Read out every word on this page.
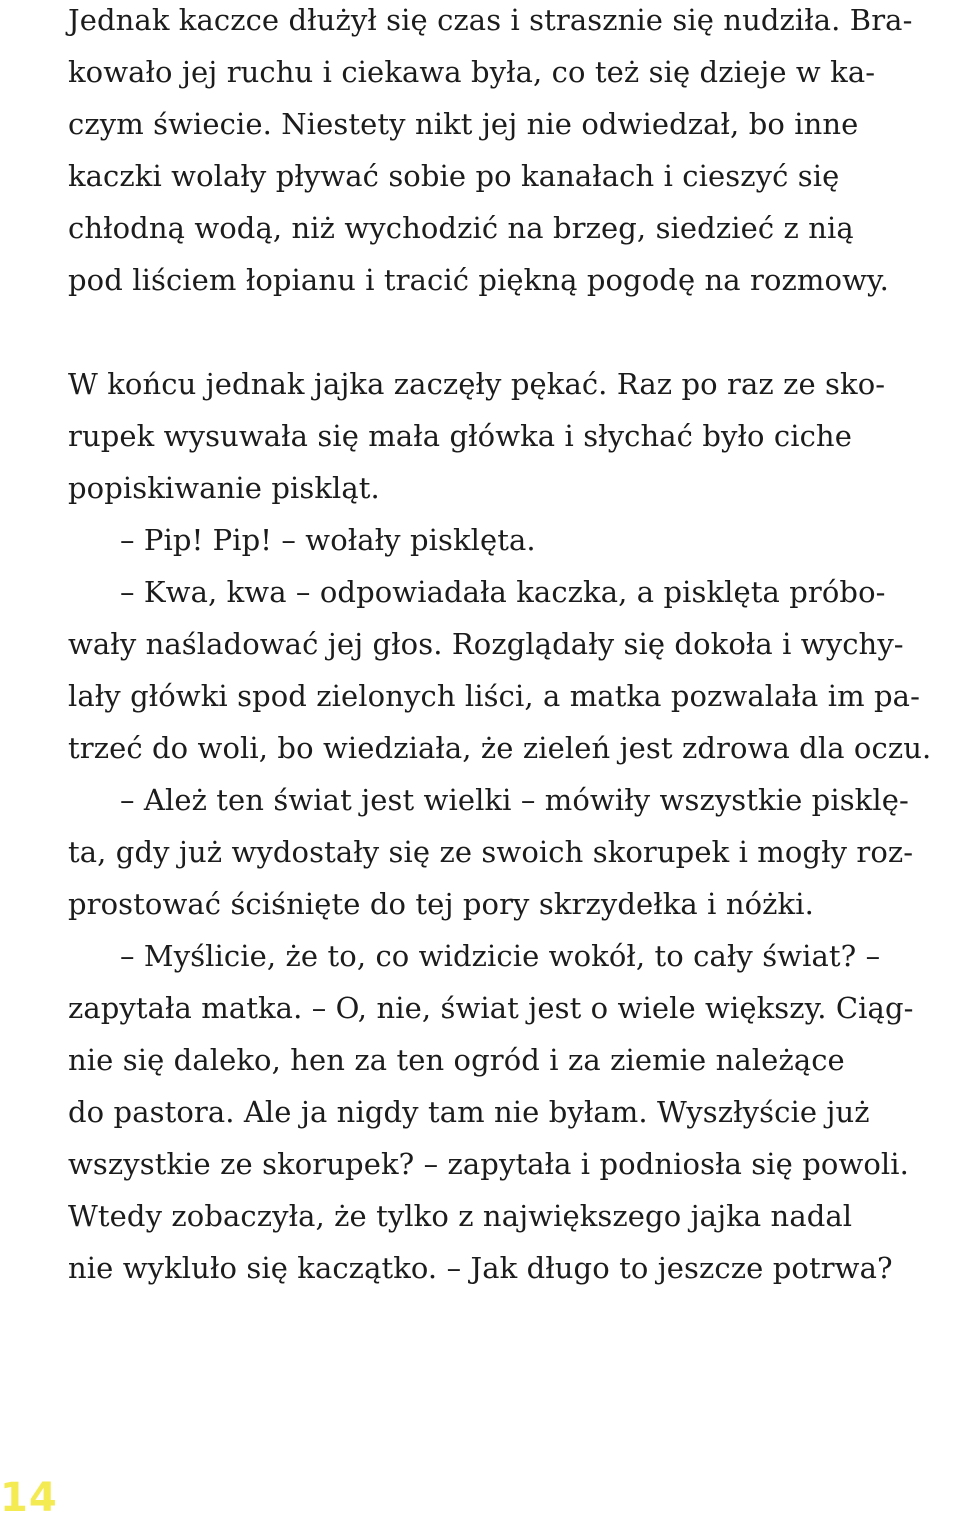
Jednak kaczce dłużył się czas i strasznie się nudziła. Bra-
kowało jej ruchu i ciekawa była, co też się dzieje w ka-
czym świecie. Niestety nikt jej nie odwiedzał, bo inne
kaczki wolały pływać sobie po kanałach i cieszyć się
chłodną wodą, niż wychodzić na brzeg, siedzieć z nią
pod liściem łopianu i tracić piękną pogodę na rozmowy.
W końcu jednak jajka zaczęły pękać. Raz po raz ze sko-
rupek wysuwała się mała główka i słychać było ciche
popiskiwanie piskląt.
– Pip! Pip! – wołały pisklęta.
– Kwa, kwa – odpowiadała kaczka, a pisklęta próbo-
wały naśladować jej głos. Rozglądały się dokoła i wychy-
lały główki spod zielonych liści, a matka pozwalała im pa-
trzeć do woli, bo wiedziała, że zieleń jest zdrowa dla oczu.
– Ależ ten świat jest wielki – mówiły wszystkie pisklę-
ta, gdy już wydostały się ze swoich skorupek i mogły roz-
prostować ściśnięte do tej pory skrzydełka i nóżki.
– Myślicie, że to, co widzicie wokół, to cały świat? –
zapytała matka. – O, nie, świat jest o wiele większy. Ciąg-
nie się daleko, hen za ten ogród i za ziemie należące
do pastora. Ale ja nigdy tam nie byłam. Wyszłyście już
wszystkie ze skorupek? – zapytała i podniosła się powoli.
Wtedy zobaczyła, że tylko z największego jajka nadal
nie wykluło się kaczątko. – Jak długo to jeszcze potrwa?
14
